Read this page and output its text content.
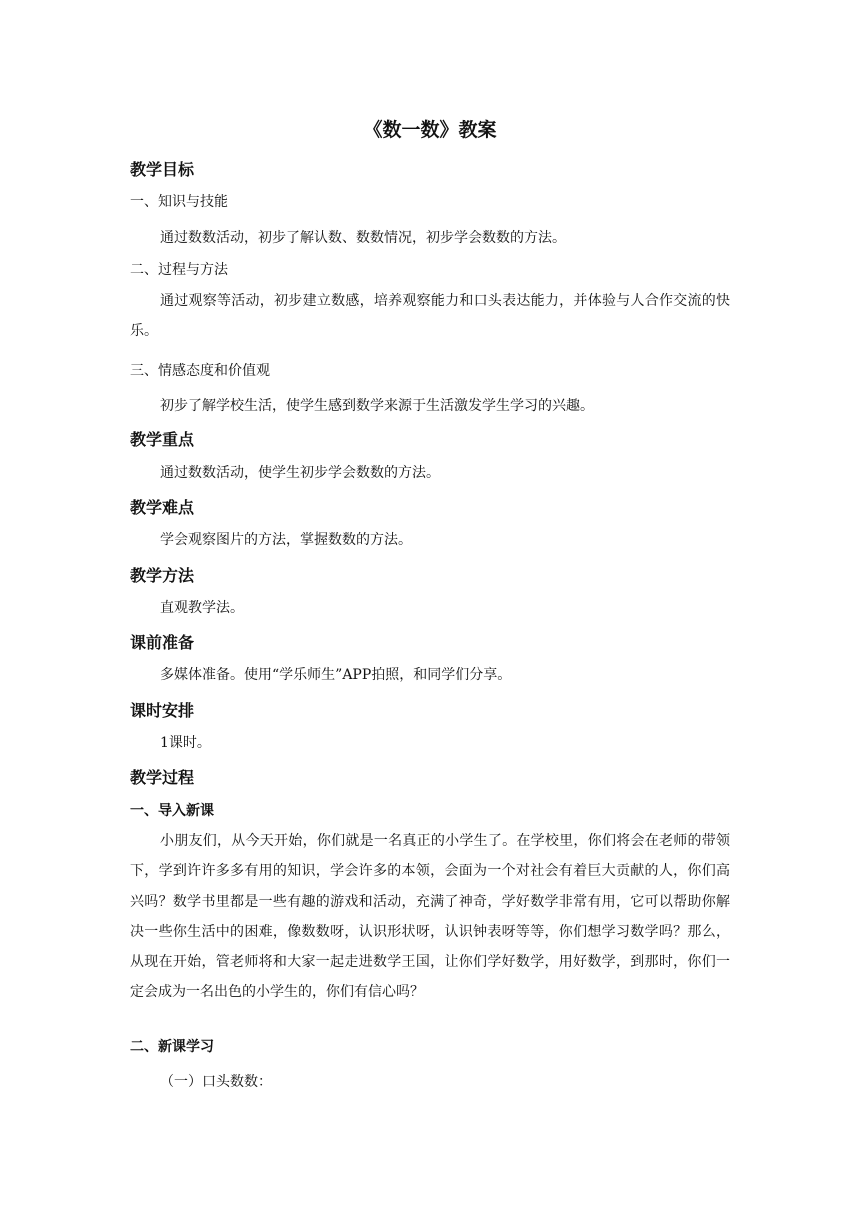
《数一数》教案
教学目标
一、知识与技能
通过数数活动，初步了解认数、数数情况，初步学会数数的方法。
二、过程与方法

通过观察等活动，初步建立数感，培养观察能力和口头表达能力，并体验与人合作交流的快乐。

三、情感态度和价值观
初步了解学校生活，使学生感到数学来源于生活激发学生学习的兴趣。
教学重点
通过数数活动，使学生初步学会数数的方法。
教学难点
学会观察图片的方法，掌握数数的方法。
教学方法
直观教学法。
课前准备
多媒体准备。使用“学乐师生”APP拍照，和同学们分享。
课时安排
1课时。
教学过程
一、导入新课

小朋友们，从今天开始，你们就是一名真正的小学生了。在学校里，你们将会在老师的带领下，学到许许多多有用的知识，学会许多的本领，会面为一个对社会有着巨大贡献的人，你们高兴吗？数学书里都是一些有趣的游戏和活动，充满了神奇，学好数学非常有用，它可以帮助你解决一些你生活中的困难，像数数呀，认识形状呀，认识钟表呀等等，你们想学习数学吗？那么，从现在开始，管老师将和大家一起走进数学王国，让你们学好数学，用好数学，到那时，你们一定会成为一名出色的小学生的，你们有信心吗？

二、新课学习
（一）口头数数：
